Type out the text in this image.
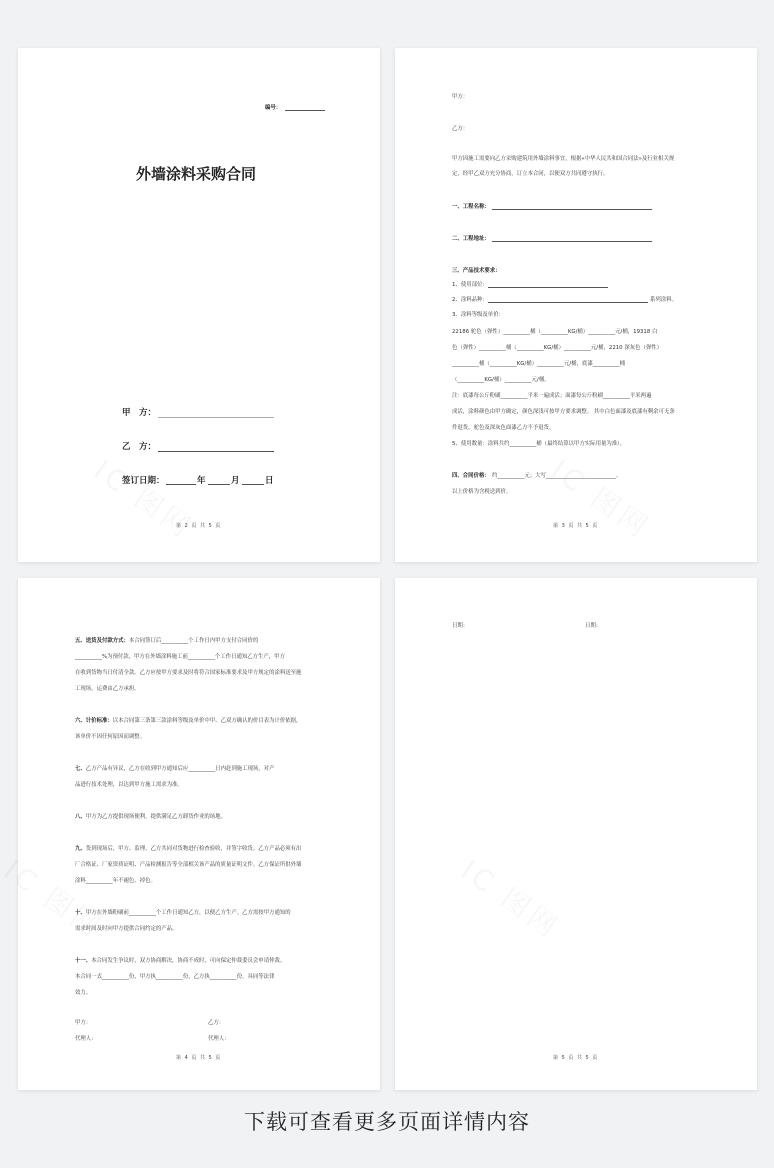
编号：
外墙涂料采购合同
甲　方：
乙　方：
签订日期：	年	月	日
第 2 页 共 5 页
甲方：
乙方：
甲方因施工需要向乙方采购建筑用外墙涂料事宜，根据«中华人民共和国合同法»及行业相关规
定，经甲乙双方充分协商，订立本合同，以便双方共同遵守执行。
一、工程名称：
二、工程地址：
三、产品技术要求：
1、使用部位：
2、涂料品种：	系列涂料。
3、涂料等级及单价：
22186 驼色（弹性）__________桶（__________KG/桶）__________元/桶，19318 白
色（弹性）__________桶（__________KG/桶）__________元/桶，2210 深灰色（弹性）
__________桶（__________KG/桶）__________元/桶，底漆__________桶
（__________KG/桶）__________元/桶。
注：底漆每公斤粉刷__________平米一遍成活；面漆每公斤粉刷__________平米两遍
成活，涂料颜色由甲方确定，颜色深浅可按甲方要求调整。 其中白色面漆及底漆有剩余可无条
件退货，驼色及深灰色面漆乙方不予退货。
5、使用数量：涂料共约__________桶（最终结算以甲方实际用量为准）。
四、合同价格： 约__________元；大写__________________________。
以上价格为含税送到价。
第 3 页 共 5 页
五、送货及付款方式：本合同签订后__________个工作日内甲方支付合同价的
__________%为预付款，甲方在外墙涂料施工前__________个工作日通知乙方生产，甲方
在收到货物当日付清全款。乙方应按甲方要求及时将符合国家标准要求及甲方规定的涂料送至施
工现场，运费由乙方承担。
六、计价标准：以本合同第三条第三款涂料等级及单价中甲、乙双方确认的价目表为计价依据，
该单价不因任何原因而调整。
七、乙方产品有异议，乙方在收到甲方通知后应__________日内赶到施工现场，对产
品进行技术处理，以达到甲方施工需求为准。
八、甲方为乙方提供现场便利，提供满足乙方卸货作业的场地。
九、货到现场后，甲方、监理、乙方共同对货物进行检查验收，并签字收货。乙方产品必须有出
厂合格证、厂家资质证明、产品检测报告等全部相关该产品的质量证明文件。乙方保证所供外墙
涂料__________年不褪色、掉色。
十、甲方在外墙粉刷前__________个工作日通知乙方，以便乙方生产。乙方需按甲方通知的
需求时间及时向甲方提供合同约定的产品。
十一、本合同发生争议时，双方协商解决，协商不成时，可向保定仲裁委员会申请仲裁。
本合同一式__________份，甲方执__________份，乙方执__________份，具同等法律
效力。
甲方：	乙方：
代理人：	代理人：
第 4 页 共 5 页
日期：	日期：
第 5 页 共 5 页
下载可查看更多页面详情内容
